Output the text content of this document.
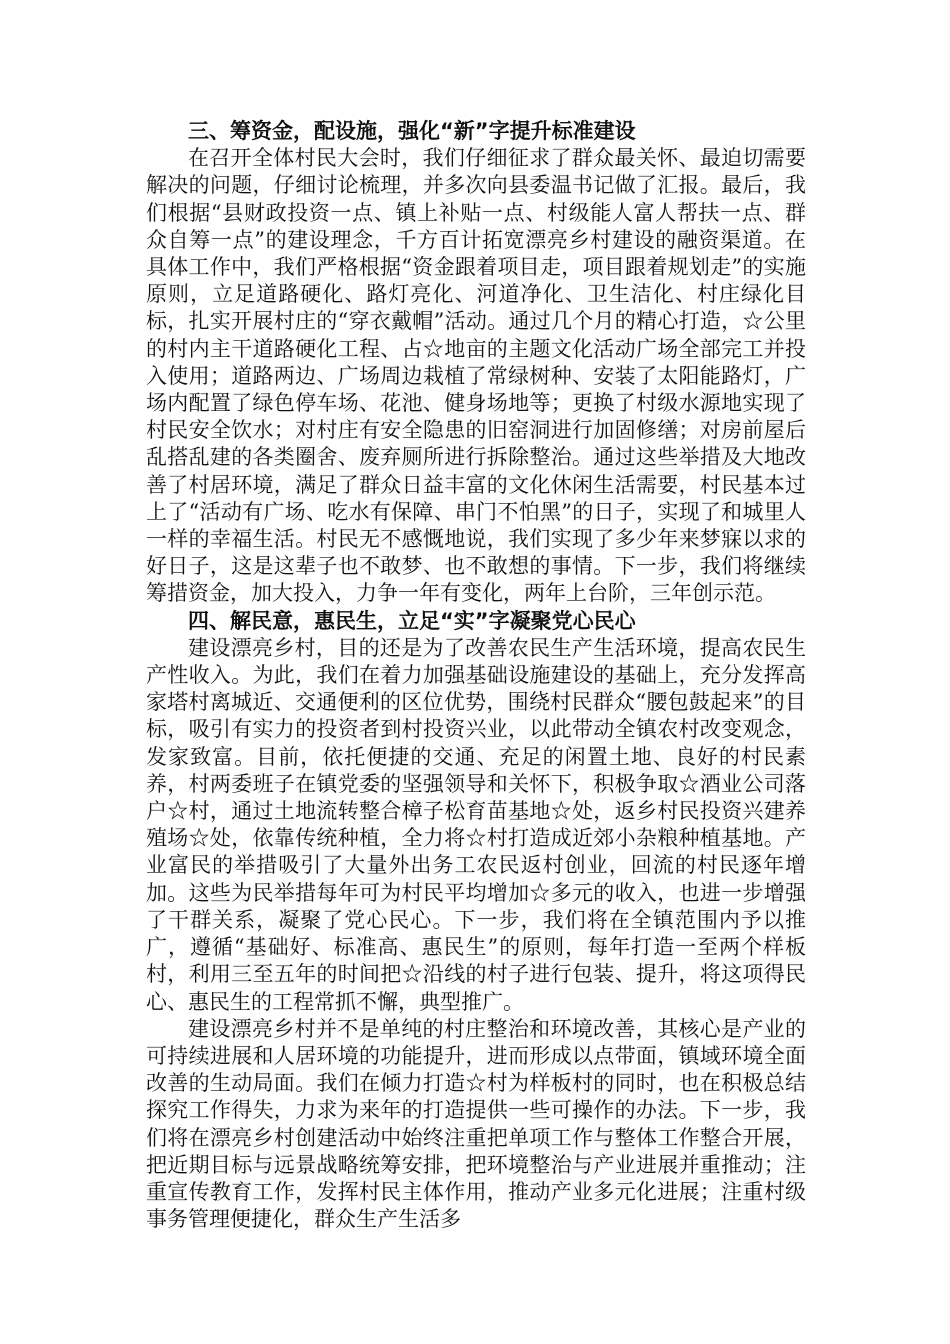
三、筹资金，配设施，强化“新”字提升标准建设

在召开全体村民大会时，我们仔细征求了群众最关怀、最迫切需要解决的问题，仔细讨论梳理，并多次向县委温书记做了汇报。最后，我们根据“县财政投资一点、镇上补贴一点、村级能人富人帮扶一点、群众自筹一点”的建设理念，千方百计拓宽漂亮乡村建设的融资渠道。在具体工作中，我们严格根据“资金跟着项目走，项目跟着规划走”的实施原则，立足道路硬化、路灯亮化、河道净化、卫生洁化、村庄绿化目标，扎实开展村庄的“穿衣戴帽”活动。通过几个月的精心打造，☆公里的村内主干道路硬化工程、占☆地亩的主题文化活动广场全部完工并投入使用；道路两边、广场周边栽植了常绿树种、安装了太阳能路灯，广场内配置了绿色停车场、花池、健身场地等；更换了村级水源地实现了村民安全饮水；对村庄有安全隐患的旧窑洞进行加固修缮；对房前屋后乱搭乱建的各类圈舍、废弃厕所进行拆除整治。通过这些举措及大地改善了村居环境，满足了群众日益丰富的文化休闲生活需要，村民基本过上了“活动有广场、吃水有保障、串门不怕黑”的日子，实现了和城里人一样的幸福生活。村民无不感慨地说，我们实现了多少年来梦寐以求的好日子，这是这辈子也不敢梦、也不敢想的事情。下一步，我们将继续筹措资金，加大投入，力争一年有变化，两年上台阶，三年创示范。

四、解民意，惠民生，立足“实”字凝聚党心民心

建设漂亮乡村，目的还是为了改善农民生产生活环境，提高农民生产性收入。为此，我们在着力加强基础设施建设的基础上，充分发挥高家塔村离城近、交通便利的区位优势，围绕村民群众“腰包鼓起来”的目标，吸引有实力的投资者到村投资兴业，以此带动全镇农村改变观念，发家致富。目前，依托便捷的交通、充足的闲置土地、良好的村民素养，村两委班子在镇党委的坚强领导和关怀下，积极争取☆酒业公司落户☆村，通过土地流转整合樟子松育苗基地☆处，返乡村民投资兴建养殖场☆处，依靠传统种植，全力将☆村打造成近郊小杂粮种植基地。产业富民的举措吸引了大量外出务工农民返村创业，回流的村民逐年增加。这些为民举措每年可为村民平均增加☆多元的收入，也进一步增强了干群关系，凝聚了党心民心。下一步，我们将在全镇范围内予以推广，遵循“基础好、标准高、惠民生”的原则，每年打造一至两个样板村，利用三至五年的时间把☆沿线的村子进行包装、提升，将这项得民心、惠民生的工程常抓不懈，典型推广。

建设漂亮乡村并不是单纯的村庄整治和环境改善，其核心是产业的可持续进展和人居环境的功能提升，进而形成以点带面，镇域环境全面改善的生动局面。我们在倾力打造☆村为样板村的同时，也在积极总结探究工作得失，力求为来年的打造提供一些可操作的办法。下一步，我们将在漂亮乡村创建活动中始终注重把单项工作与整体工作整合开展，把近期目标与远景战略统筹安排，把环境整治与产业进展并重推动；注重宣传教育工作，发挥村民主体作用，推动产业多元化进展；注重村级事务管理便捷化，群众生产生活多
